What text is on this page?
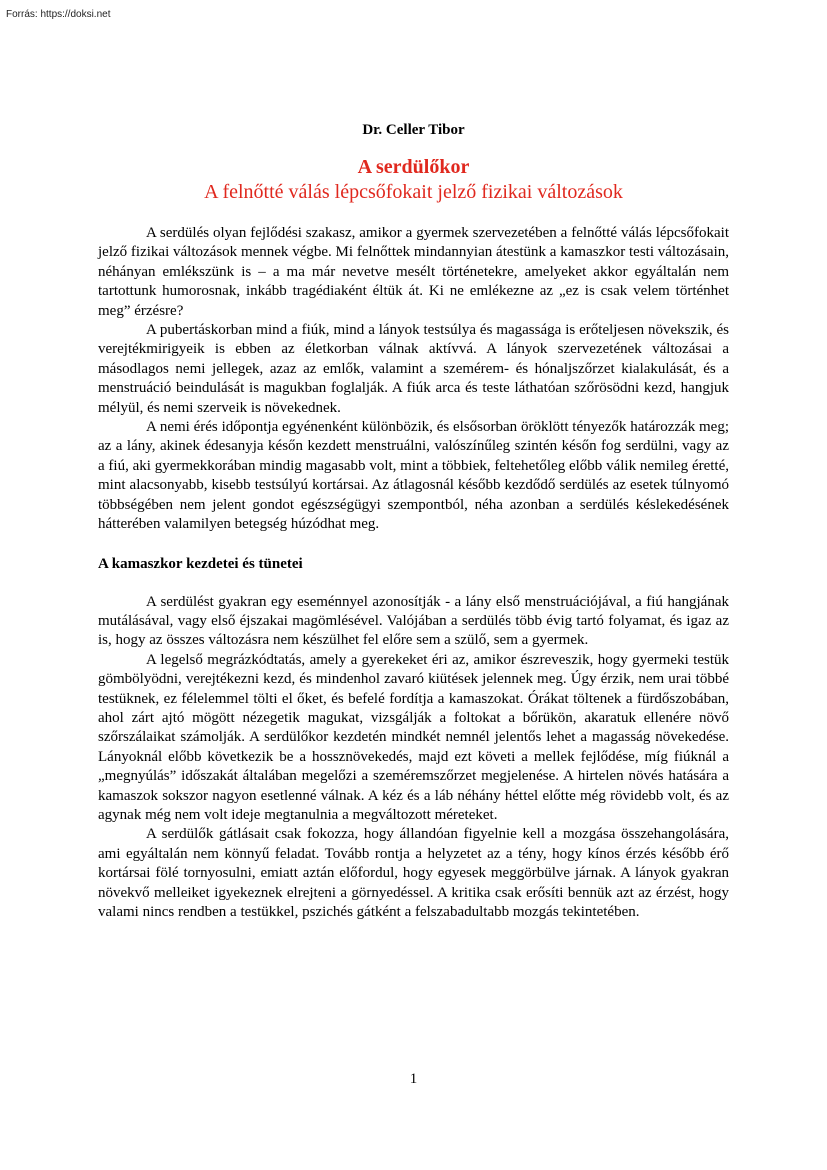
Forrás: https://doksi.net

Dr. Celler Tibor

A serdülőkor

A felnőtté válás lépcsőfokait jelző fizikai változások

A serdülés olyan fejlődési szakasz, amikor a gyermek szervezetében a felnőtté válás lépcsőfokait jelző fizikai változások mennek végbe. Mi felnőttek mindannyian átestünk a kamaszkor testi változásain, néhányan emlékszünk is – a ma már nevetve mesélt történetekre, amelyeket akkor egyáltalán nem tartottunk humorosnak, inkább tragédiaként éltük át. Ki ne emlékezne az „ez is csak velem történhet meg” érzésre?

A pubertáskorban mind a fiúk, mind a lányok testsúlya és magassága is erőteljesen növekszik, és verejtékmirigyeik is ebben az életkorban válnak aktívvá. A lányok szervezetének változásai a másodlagos nemi jellegek, azaz az emlők, valamint a szemérem- és hónaljszőrzet kialakulását, és a menstruáció beindulását is magukban foglalják. A fiúk arca és teste láthatóan szőrösödni kezd, hangjuk mélyül, és nemi szerveik is növekednek.

A nemi érés időpontja egyénenként különbözik, és elsősorban öröklött tényezők határozzák meg; az a lány, akinek édesanyja későn kezdett menstruálni, valószínűleg szintén későn fog serdülni, vagy az a fiú, aki gyermekkorában mindig magasabb volt, mint a többiek, feltehetőleg előbb válik nemileg éretté, mint alacsonyabb, kisebb testsúlyú kortársai. Az átlagosnál később kezdődő serdülés az esetek túlnyomó többségében nem jelent gondot egészségügyi szempontból, néha azonban a serdülés késlekedésének hátterében valamilyen betegség húzódhat meg.

A kamaszkor kezdetei és tünetei

A serdülést gyakran egy eseménnyel azonosítják - a lány első menstruációjával, a fiú hangjának mutálásával, vagy első éjszakai magömlésével. Valójában a serdülés több évig tartó folyamat, és igaz az is, hogy az összes változásra nem készülhet fel előre sem a szülő, sem a gyermek.

A legelső megrázkódtatás, amely a gyerekeket éri az, amikor észreveszik, hogy gyermeki testük gömbölyödni, verejtékezni kezd, és mindenhol zavaró kiütések jelennek meg. Úgy érzik, nem urai többé testüknek, ez félelemmel tölti el őket, és befelé fordítja a kamaszokat. Órákat töltenek a fürdőszobában, ahol zárt ajtó mögött nézegetik magukat, vizsgálják a foltokat a bőrükön, akaratuk ellenére növő szőrszálaikat számolják. A serdülőkor kezdetén mindkét nemnél jelentős lehet a magasság növekedése. Lányoknál előbb következik be a hossznövekedés, majd ezt követi a mellek fejlődése, míg fiúknál a „megnyúlás” időszakát általában megelőzi a szeméremszőrzet megjelenése. A hirtelen növés hatására a kamaszok sokszor nagyon esetlenné válnak. A kéz és a láb néhány héttel előtte még rövidebb volt, és az agynak még nem volt ideje megtanulnia a megváltozott méreteket.

A serdülők gátlásait csak fokozza, hogy állandóan figyelnie kell a mozgása összehangolására, ami egyáltalán nem könnyű feladat. Tovább rontja a helyzetet az a tény, hogy kínos érzés később érő kortársai fölé tornyosulni, emiatt aztán előfordul, hogy egyesek meggörbülve járnak. A lányok gyakran növekvő melleiket igyekeznek elrejteni a görnyedéssel. A kritika csak erősíti bennük azt az érzést, hogy valami nincs rendben a testükkel, pszichés gátként a felszabadultabb mozgás tekintetében.

1
